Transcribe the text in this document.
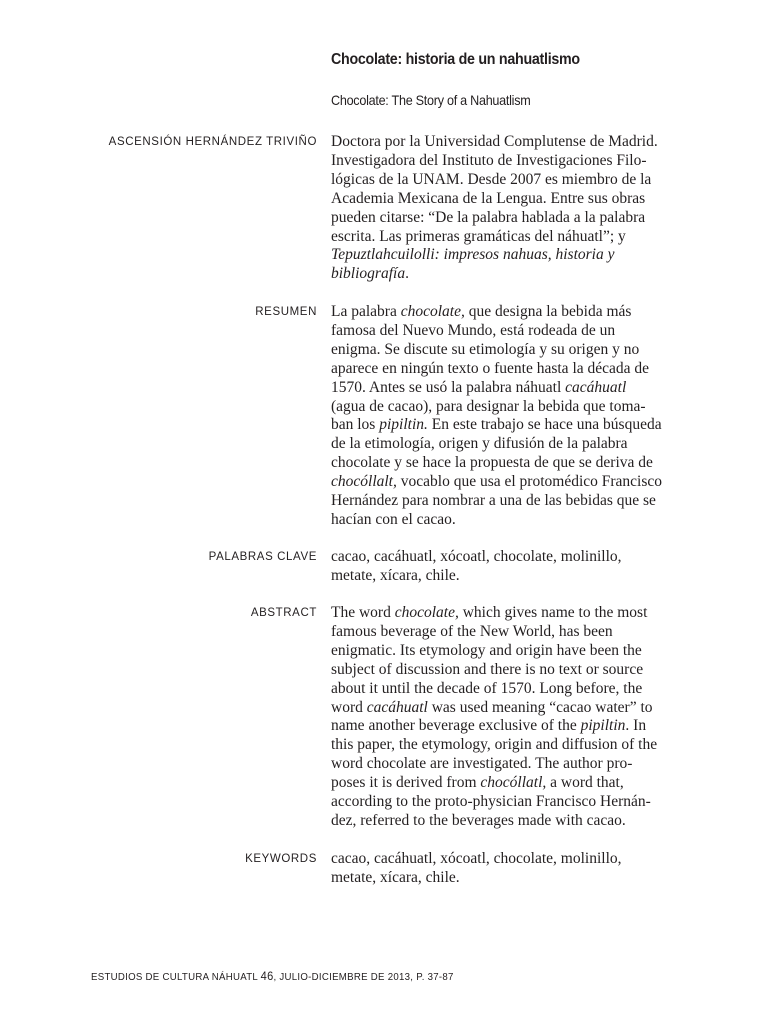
Chocolate: historia de un nahuatlismo
Chocolate: The Story of a Nahuatlism
ASCENSIÓN HERNÁNDEZ TRIVIÑO Doctora por la Universidad Complutense de Madrid.
Investigadora del Instituto de Investigaciones Filo-
lógicas de la UNAM. Desde 2007 es miembro de la
Academia Mexicana de la Lengua. Entre sus obras
pueden citarse: “De la palabra hablada a la palabra
escrita. Las primeras gramáticas del náhuatl”; y
Tepuztlahcuilolli: impresos nahuas, historia y
bibliografía.
RESUMEN La palabra chocolate, que designa la bebida más
famosa del Nuevo Mundo, está rodeada de un
enigma. Se discute su etimología y su origen y no
aparece en ningún texto o fuente hasta la década de
1570. Antes se usó la palabra náhuatl cacáhuatl
(agua de cacao), para designar la bebida que toma-
ban los pipiltin. En este trabajo se hace una búsqueda
de la etimología, origen y difusión de la palabra
chocolate y se hace la propuesta de que se deriva de
chocóllalt, vocablo que usa el protomédico Francisco
Hernández para nombrar a una de las bebidas que se
hacían con el cacao.
PALABRAS CLAVE cacao, cacáhuatl, xócoatl, chocolate, molinillo,
metate, xícara, chile.
ABSTRACT The word chocolate, which gives name to the most
famous beverage of the New World, has been
enigmatic. Its etymology and origin have been the
subject of discussion and there is no text or source
about it until the decade of 1570. Long before, the
word cacáhuatl was used meaning “cacao water” to
name another beverage exclusive of the pipiltin. In
this paper, the etymology, origin and diffusion of the
word chocolate are investigated. The author pro-
poses it is derived from chocóllatl, a word that,
according to the proto-physician Francisco Hernán-
dez, referred to the beverages made with cacao.
KEYWORDS cacao, cacáhuatl, xócoatl, chocolate, molinillo,
metate, xícara, chile.
ESTUDIOS DE CULTURA NÁHUATL 46, JULIO-DICIEMBRE DE 2013, P. 37-87
